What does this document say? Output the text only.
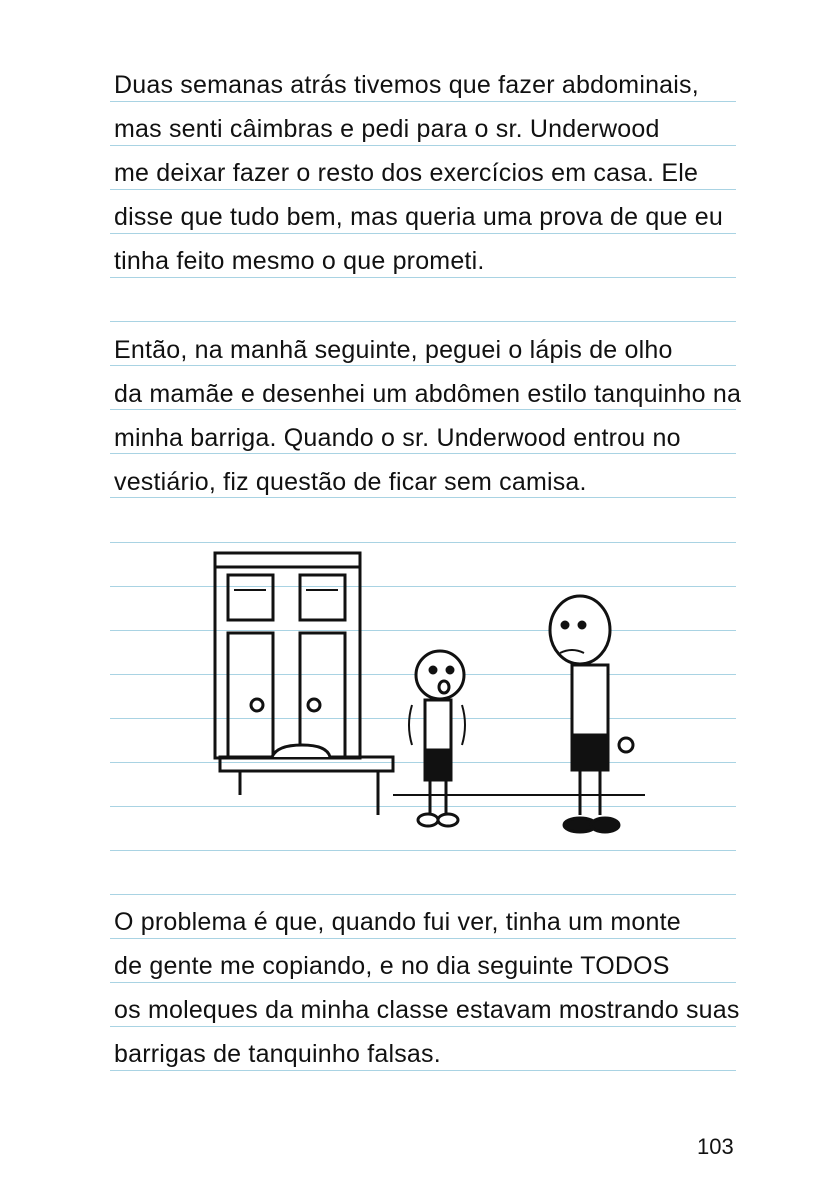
Duas semanas atrás tivemos que fazer abdominais,
mas senti câimbras e pedi para o sr. Underwood
me deixar fazer o resto dos exercícios em casa. Ele
disse que tudo bem, mas queria uma prova de que eu
tinha feito mesmo o que prometi.
Então, na manhã seguinte, peguei o lápis de olho
da mamãe e desenhei um abdômen estilo tanquinho na
minha barriga. Quando o sr. Underwood entrou no
vestiário, fiz questão de ficar sem camisa.
O problema é que, quando fui ver, tinha um monte
de gente me copiando, e no dia seguinte TODOS
os moleques da minha classe estavam mostrando suas
barrigas de tanquinho falsas.
103
